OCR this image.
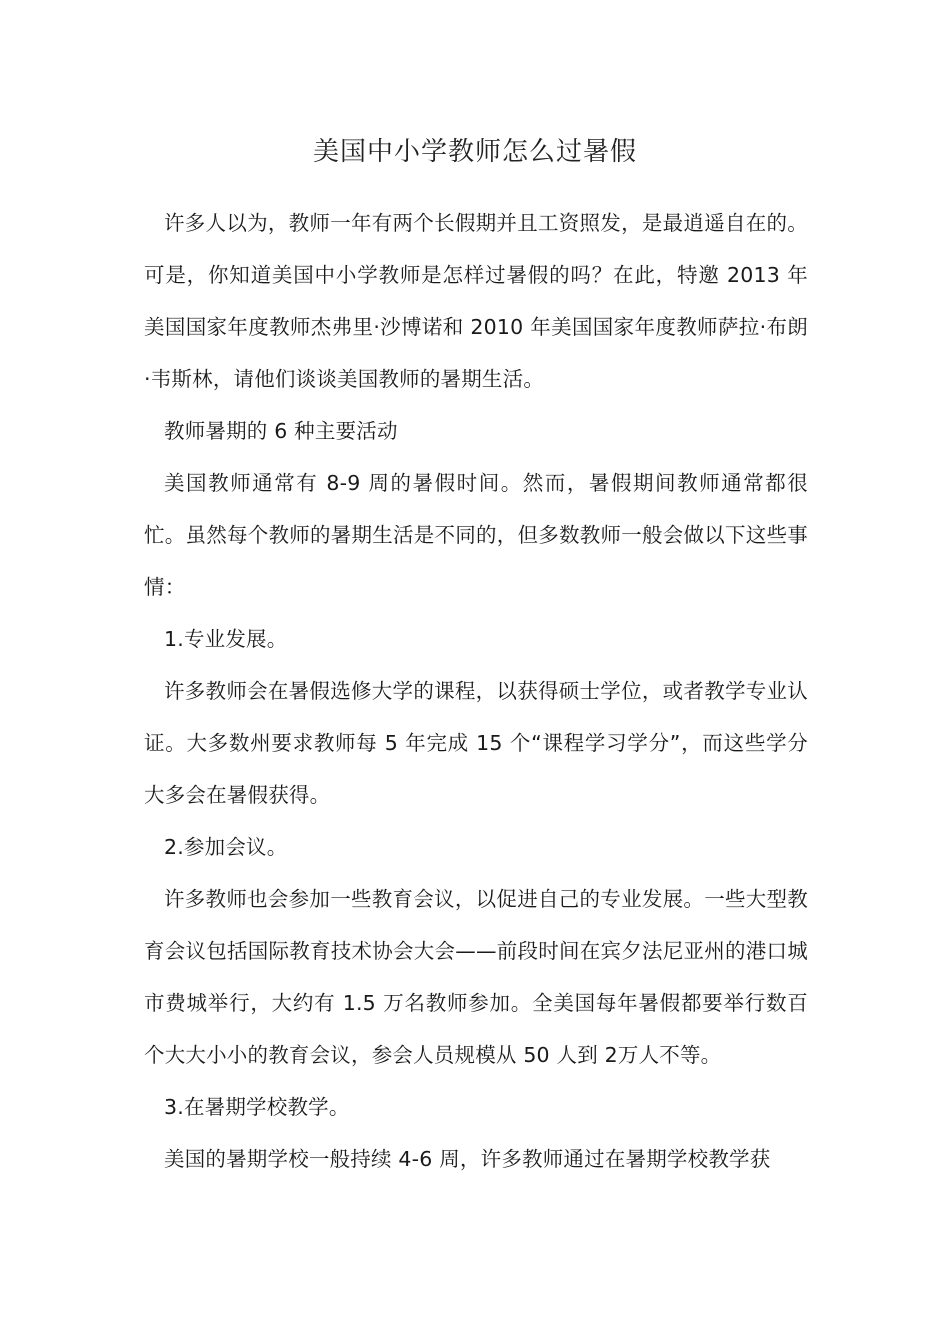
美国中小学教师怎么过暑假

许多人以为，教师一年有两个长假期并且工资照发，是最逍遥自在的。可是，你知道美国中小学教师是怎样过暑假的吗？在此，特邀 2013 年美国国家年度教师杰弗里·沙博诺和 2010 年美国国家年度教师萨拉·布朗·韦斯林，请他们谈谈美国教师的暑期生活。

教师暑期的 6 种主要活动

美国教师通常有 8-9 周的暑假时间。然而，暑假期间教师通常都很忙。虽然每个教师的暑期生活是不同的，但多数教师一般会做以下这些事情：

1.专业发展。

许多教师会在暑假选修大学的课程，以获得硕士学位，或者教学专业认证。大多数州要求教师每 5 年完成 15 个“课程学习学分”，而这些学分大多会在暑假获得。

2.参加会议。

许多教师也会参加一些教育会议，以促进自己的专业发展。一些大型教育会议包括国际教育技术协会大会——前段时间在宾夕法尼亚州的港口城市费城举行，大约有 1.5 万名教师参加。全美国每年暑假都要举行数百个大大小小的教育会议，参会人员规模从 50 人到 2万人不等。

3.在暑期学校教学。

美国的暑期学校一般持续 4-6 周，许多教师通过在暑期学校教学获
